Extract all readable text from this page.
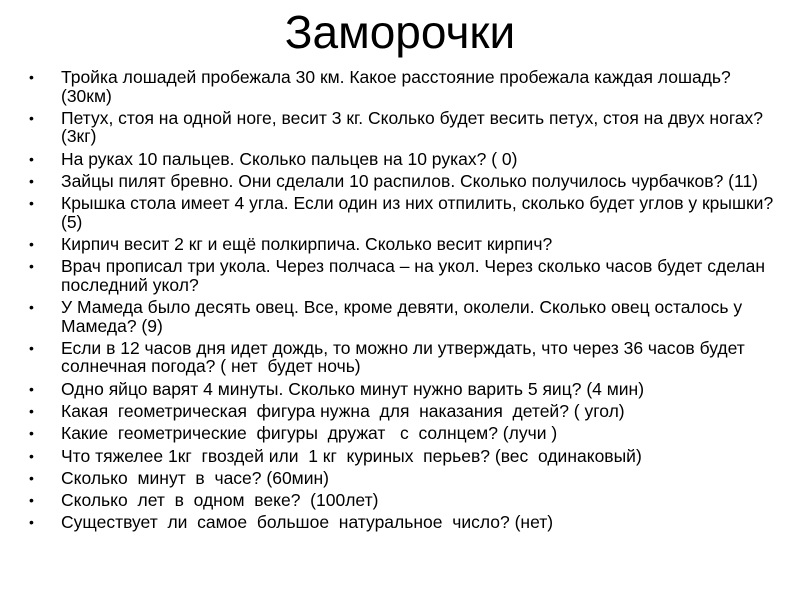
Заморочки
• Тройка лошадей пробежала 30 км. Какое расстояние пробежала каждая лошадь? (30км)
• Петух, стоя на одной ноге, весит 3 кг. Сколько будет весить петух, стоя на двух ногах? (3кг)
• На руках 10 пальцев. Сколько пальцев на 10 руках? ( 0)
• Зайцы пилят бревно. Они сделали 10 распилов. Сколько получилось чурбачков? (11)
• Крышка стола имеет 4 угла. Если один из них отпилить, сколько будет углов у крышки? (5)
• Кирпич весит 2 кг и ещё полкирпича. Сколько весит кирпич?
• Врач прописал три укола. Через полчаса – на укол. Через сколько часов будет сделан последний укол?
• У Мамеда было десять овец. Все, кроме девяти, околели. Сколько овец осталось у Мамеда? (9)
• Если в 12 часов дня идет дождь, то можно ли утверждать, что через 36 часов будет солнечная погода? ( нет  будет ночь)
• Одно яйцо варят 4 минуты. Сколько минут нужно варить 5 яиц? (4 мин)
• Какая  геометрическая  фигура нужна  для  наказания  детей? ( угол)
• Какие  геометрические  фигуры  дружат   с  солнцем? (лучи )
• Что тяжелее 1кг  гвоздей или  1 кг  куриных  перьев? (вес  одинаковый)
• Сколько  минут  в  часе? (60мин)
• Сколько  лет  в  одном  веке?  (100лет)
• Существует  ли  самое  большое  натуральное  число? (нет)
